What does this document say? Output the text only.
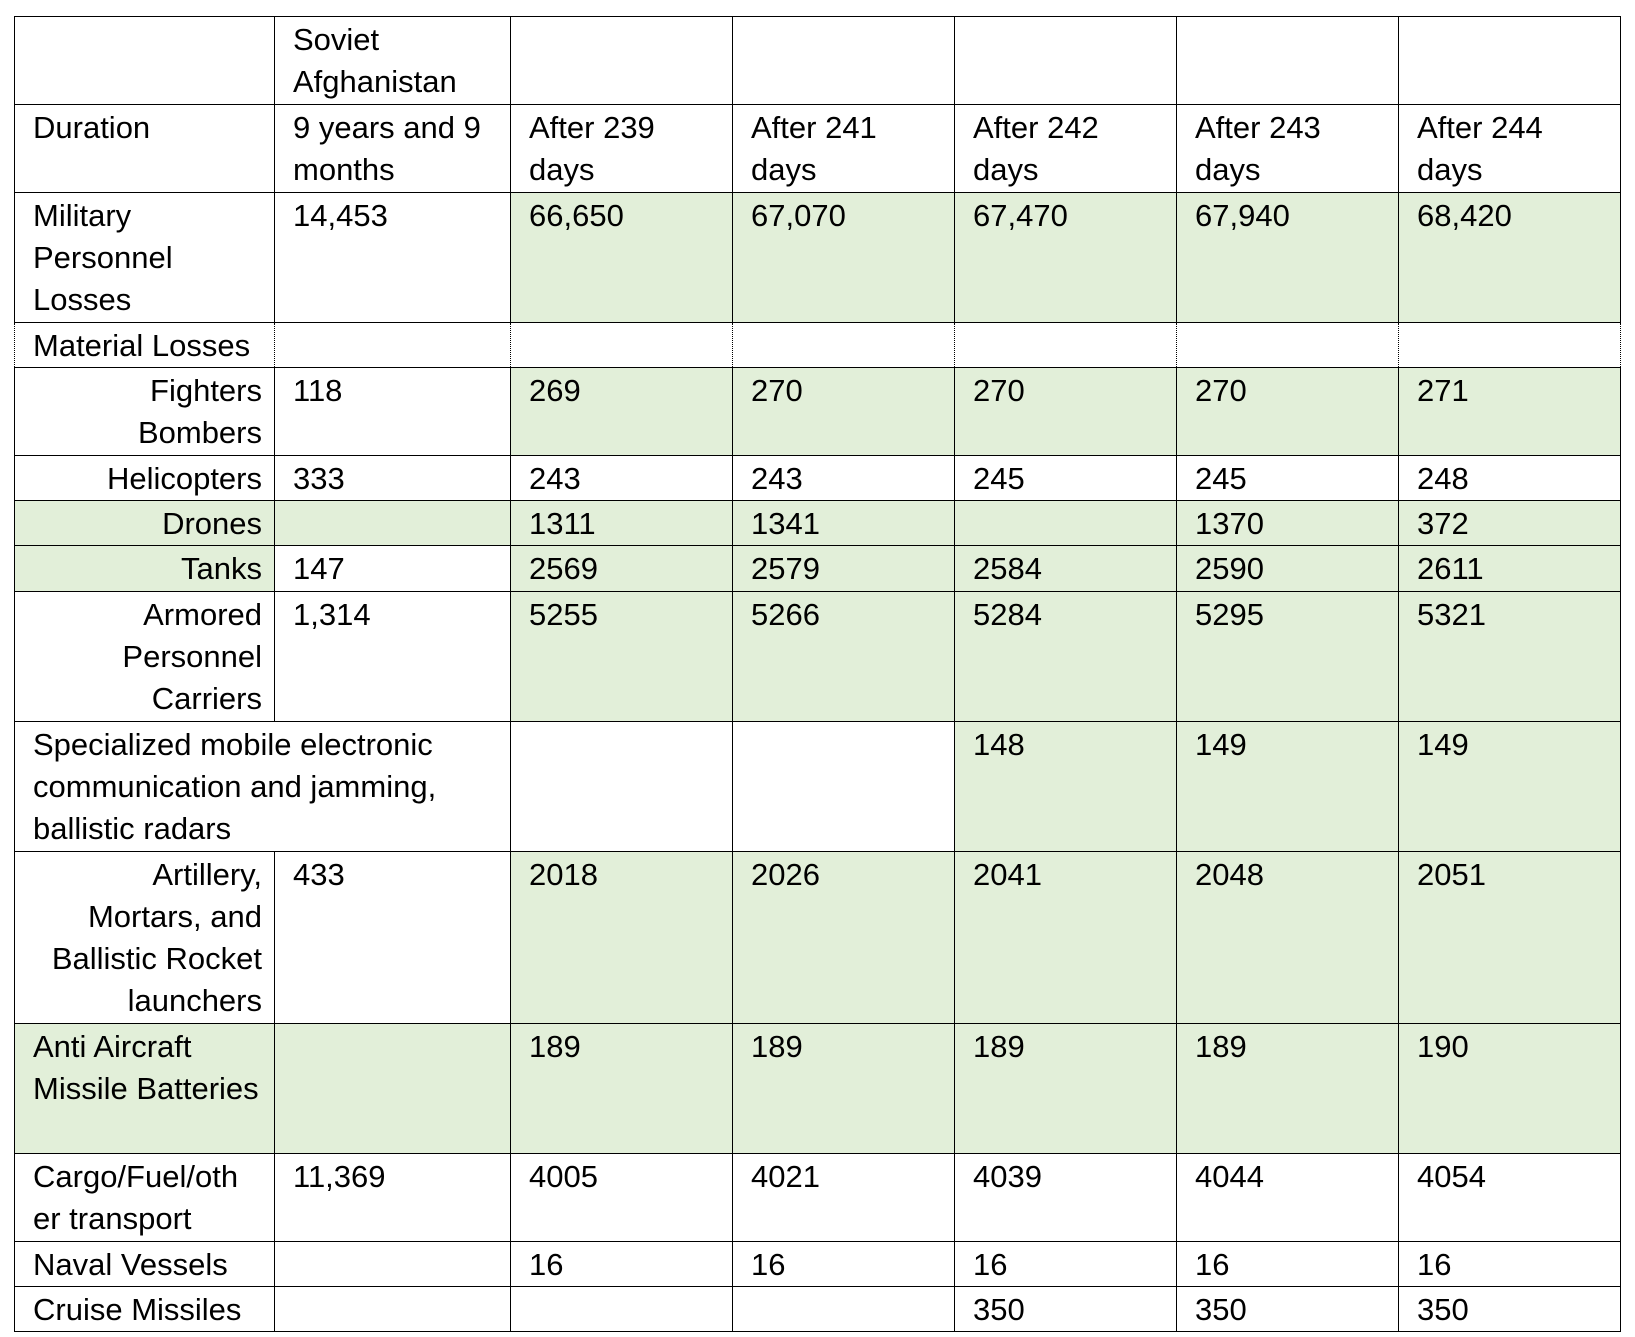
	Soviet Afghanistan					
Duration	9 years and 9 months	After 239 days	After 241 days	After 242 days	After 243 days	After 244 days
Military Personnel Losses	14,453	66,650	67,070	67,470	67,940	68,420
Material Losses						
Fighters Bombers	118	269	270	270	270	271
Helicopters	333	243	243	245	245	248
Drones		1311	1341		1370	372
Tanks	147	2569	2579	2584	2590	2611
Armored Personnel Carriers	1,314	5255	5266	5284	5295	5321
Specialized mobile electronic communication and jamming, ballistic radars				148	149	149
Artillery, Mortars, and Ballistic Rocket launchers	433	2018	2026	2041	2048	2051
Anti Aircraft Missile Batteries		189	189	189	189	190
Cargo/Fuel/oth er transport	11,369	4005	4021	4039	4044	4054
Naval Vessels		16	16	16	16	16
Cruise Missiles				350	350	350
